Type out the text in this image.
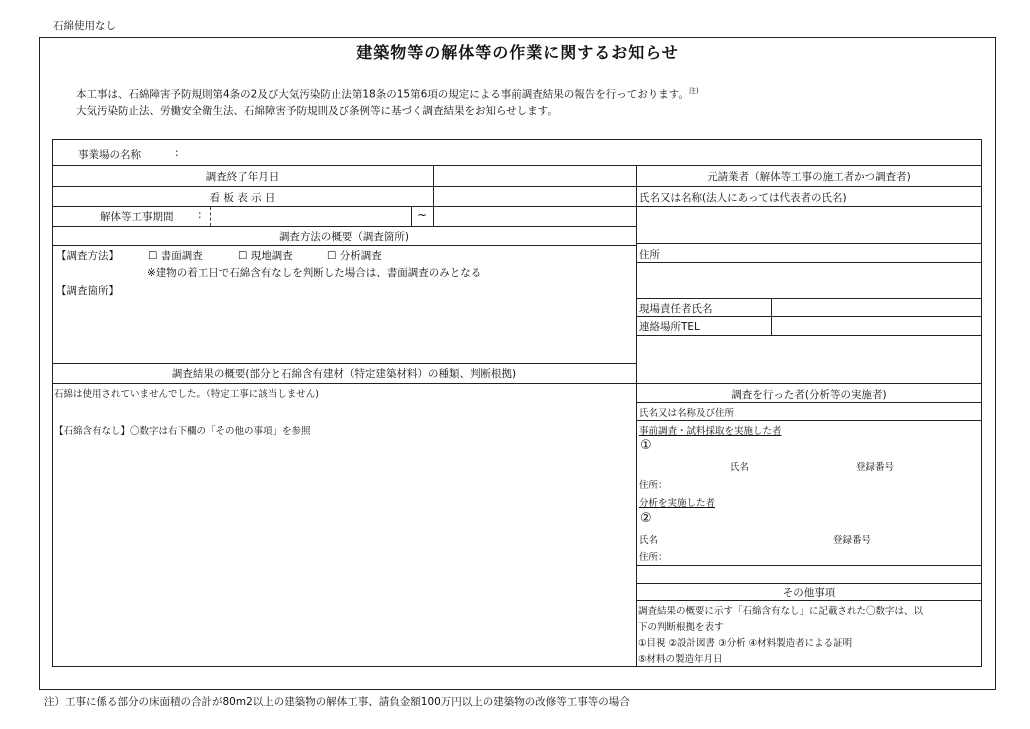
石綿使用なし
建築物等の解体等の作業に関するお知らせ
本工事は、石綿障害予防規則第4条の2及び大気汚染防止法第18条の15第6項の規定による事前調査結果の報告を行っております。$^{注)}$
大気汚染防止法、労働安全衛生法、石綿障害予防規則及び条例等に基づく調査結果をお知らせします。
事業場の名称	:
調査終了年月日
看 板 表 示 日
解体等工事期間 :	~
調査方法の概要（調査箇所)
【調査方法】	☐ 書面調査	☐ 現地調査	☐ 分析調査
※建物の着工日で石綿含有なしを判断した場合は、書面調査のみとなる
【調査箇所】
調査結果の概要(部分と石綿含有建材（特定建築材料）の種類、判断根拠)
石綿は使用されていませんでした。（特定工事に該当しません)
【石綿含有なし】〇数字は右下欄の「その他の事項」を参照
元請業者（解体等工事の施工者かつ調査者)
氏名又は名称(法人にあっては代表者の氏名)
住所
現場責任者氏名
連絡場所TEL
調査を行った者(分析等の実施者)
氏名又は名称及び住所
事前調査・試料採取を実施した者
①
氏名	登録番号
住所：
分析を実施した者
②
氏名	登録番号
住所：
その他事項
調査結果の概要に示す「石綿含有なし」に記載された〇数字は、以
下の判断根拠を表す
①目視 ②設計図書 ③分析 ④材料製造者による証明
⑤材料の製造年月日
注）工事に係る部分の床面積の合計が80m2以上の建築物の解体工事、請負金額100万円以上の建築物の改修等工事等の場合
